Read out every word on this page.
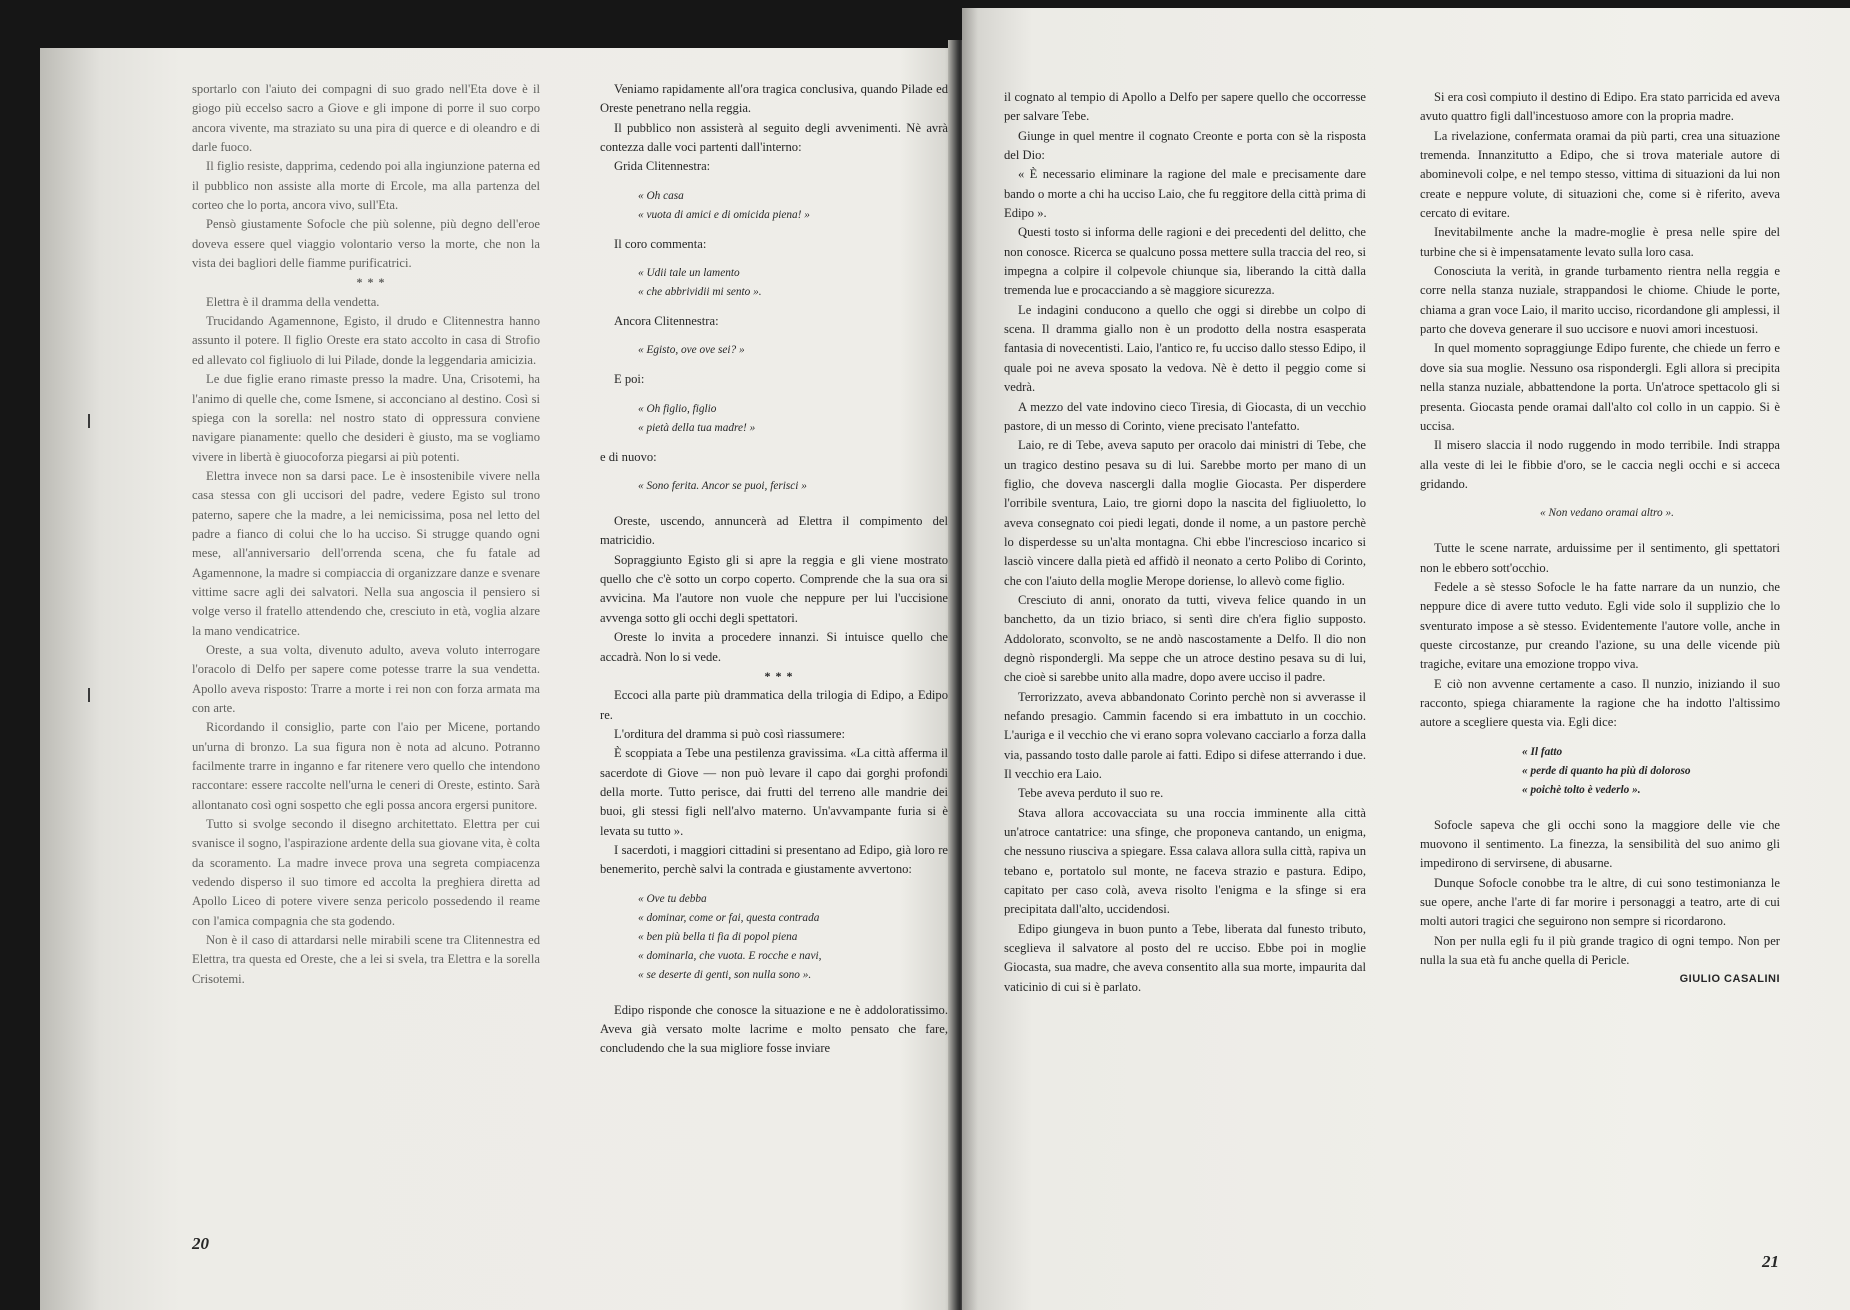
sportarlo con l'aiuto dei compagni di suo grado nell'Eta dove è il giogo più eccelso sacro a Giove e gli impone di porre il suo corpo ancora vivente, ma straziato su una pira di querce e di oleandro e di darle fuoco.

Il figlio resiste, dapprima, cedendo poi alla ingiunzione paterna ed il pubblico non assiste alla morte di Ercole, ma alla partenza del corteo che lo porta, ancora vivo, sull'Eta.

Pensò giustamente Sofocle che più solenne, più degno dell'eroe doveva essere quel viaggio volontario verso la morte, che non la vista dei bagliori delle fiamme purificatrici.

***

Elettra è il dramma della vendetta.

Trucidando Agamennone, Egisto, il drudo e Clitennestra hanno assunto il potere. Il figlio Oreste era stato accolto in casa di Strofio ed allevato col figliuolo di lui Pilade, donde la leggendaria amicizia.

Le due figlie erano rimaste presso la madre. Una, Crisotemi, ha l'animo di quelle che, come Ismene, si acconciano al destino. Così si spiega con la sorella: nel nostro stato di oppressura conviene navigare pianamente: quello che desideri è giusto, ma se vogliamo vivere in libertà è giuocoforza piegarsi ai più potenti.

Elettra invece non sa darsi pace. Le è insostenibile vivere nella casa stessa con gli uccisori del padre, vedere Egisto sul trono paterno, sapere che la madre, a lei nemicissima, posa nel letto del padre a fianco di colui che lo ha ucciso. Si strugge quando ogni mese, all'anniversario dell'orrenda scena, che fu fatale ad Agamennone, la madre si compiaccia di organizzare danze e svenare vittime sacre agli dei salvatori. Nella sua angoscia il pensiero si volge verso il fratello attendendo che, cresciuto in età, voglia alzare la mano vendicatrice.

Oreste, a sua volta, divenuto adulto, aveva voluto interrogare l'oracolo di Delfo per sapere come potesse trarre la sua vendetta. Apollo aveva risposto: Trarre a morte i rei non con forza armata ma con arte.

Ricordando il consiglio, parte con l'aio per Micene, portando un'urna di bronzo. La sua figura non è nota ad alcuno. Potranno facilmente trarre in inganno e far ritenere vero quello che intendono raccontare: essere raccolte nell'urna le ceneri di Oreste, estinto. Sarà allontanato così ogni sospetto che egli possa ancora ergersi punitore.

Tutto si svolge secondo il disegno architettato. Elettra per cui svanisce il sogno, l'aspirazione ardente della sua giovane vita, è colta da scoramento. La madre invece prova una segreta compiacenza vedendo disperso il suo timore ed accolta la preghiera diretta ad Apollo Liceo di potere vivere senza pericolo possedendo il reame con l'amica compagnia che sta godendo.

Non è il caso di attardarsi nelle mirabili scene tra Clitennestra ed Elettra, tra questa ed Oreste, che a lei si svela, tra Elettra e la sorella Crisotemi.

Veniamo rapidamente all'ora tragica conclusiva, quando Pilade ed Oreste penetrano nella reggia.

Il pubblico non assisterà al seguito degli avvenimenti. Nè avrà contezza dalle voci partenti dall'interno:

Grida Clitennestra:

« Oh casa

« vuota di amici e di omicida piena! »

Il coro commenta:

« Udii tale un lamento

« che abbrividii mi sento ».

Ancora Clitennestra:

« Egisto, ove ove sei? »

E poi:

« Oh figlio, figlio

« pietà della tua madre! »

e di nuovo:

« Sono ferita. Ancor se puoi, ferisci »

Oreste, uscendo, annuncerà ad Elettra il compimento del matricidio.

Sopraggiunto Egisto gli si apre la reggia e gli viene mostrato quello che c'è sotto un corpo coperto. Comprende che la sua ora si avvicina. Ma l'autore non vuole che neppure per lui l'uccisione avvenga sotto gli occhi degli spettatori.

Oreste lo invita a procedere innanzi. Si intuisce quello che accadrà. Non lo si vede.

***

Eccoci alla parte più drammatica della trilogia di Edipo, a Edipo re.

L'orditura del dramma si può così riassumere:

È scoppiata a Tebe una pestilenza gravissima. «La città afferma il sacerdote di Giove — non può levare il capo dai gorghi profondi della morte. Tutto perisce, dai frutti del terreno alle mandrie dei buoi, gli stessi figli nell'alvo materno. Un'avvampante furia si è levata su tutto ».

I sacerdoti, i maggiori cittadini si presentano ad Edipo, già loro re benemerito, perchè salvi la contrada e giustamente avvertono:

« Ove tu debba

« dominar, come or fai, questa contrada

« ben più bella ti fia di popol piena

« dominarla, che vuota. E rocche e navi,

« se deserte di genti, son nulla sono ».

Edipo risponde che conosce la situazione e ne è addoloratissimo. Aveva già versato molte lacrime e molto pensato che fare, concludendo che la sua migliore fosse inviare

20

il cognato al tempio di Apollo a Delfo per sapere quello che occorresse per salvare Tebe.

Giunge in quel mentre il cognato Creonte e porta con sè la risposta del Dio:

« È necessario eliminare la ragione del male e precisamente dare bando o morte a chi ha ucciso Laio, che fu reggitore della città prima di Edipo ».

Questi tosto si informa delle ragioni e dei precedenti del delitto, che non conosce. Ricerca se qualcuno possa mettere sulla traccia del reo, si impegna a colpire il colpevole chiunque sia, liberando la città dalla tremenda lue e procacciando a sè maggiore sicurezza.

Le indagini conducono a quello che oggi si direbbe un colpo di scena. Il dramma giallo non è un prodotto della nostra esasperata fantasia di novecentisti. Laio, l'antico re, fu ucciso dallo stesso Edipo, il quale poi ne aveva sposato la vedova. Nè è detto il peggio come si vedrà.

A mezzo del vate indovino cieco Tiresia, di Giocasta, di un vecchio pastore, di un messo di Corinto, viene precisato l'antefatto.

Laio, re di Tebe, aveva saputo per oracolo dai ministri di Tebe, che un tragico destino pesava su di lui. Sarebbe morto per mano di un figlio, che doveva nascergli dalla moglie Giocasta. Per disperdere l'orribile sventura, Laio, tre giorni dopo la nascita del figliuoletto, lo aveva consegnato coi piedi legati, donde il nome, a un pastore perchè lo disperdesse su un'alta montagna. Chi ebbe l'increscioso incarico si lasciò vincere dalla pietà ed affidò il neonato a certo Polibo di Corinto, che con l'aiuto della moglie Merope doriense, lo allevò come figlio.

Cresciuto di anni, onorato da tutti, viveva felice quando in un banchetto, da un tizio briaco, si sentì dire ch'era figlio supposto. Addolorato, sconvolto, se ne andò nascostamente a Delfo. Il dio non degnò rispondergli. Ma seppe che un atroce destino pesava su di lui, che cioè si sarebbe unito alla madre, dopo avere ucciso il padre.

Terrorizzato, aveva abbandonato Corinto perchè non si avverasse il nefando presagio. Cammin facendo si era imbattuto in un cocchio. L'auriga e il vecchio che vi erano sopra volevano cacciarlo a forza dalla via, passando tosto dalle parole ai fatti. Edipo si difese atterrando i due. Il vecchio era Laio.

Tebe aveva perduto il suo re.

Stava allora accovacciata su una roccia imminente alla città un'atroce cantatrice: una sfinge, che proponeva cantando, un enigma, che nessuno riusciva a spiegare. Essa calava allora sulla città, rapiva un tebano e, portatolo sul monte, ne faceva strazio e pastura. Edipo, capitato per caso colà, aveva risolto l'enigma e la sfinge si era precipitata dall'alto, uccidendosi.

Edipo giungeva in buon punto a Tebe, liberata dal funesto tributo, sceglieva il salvatore al posto del re ucciso. Ebbe poi in moglie Giocasta, sua madre, che aveva consentito alla sua morte, impaurita dal vaticinio di cui si è parlato.

Si era così compiuto il destino di Edipo. Era stato parricida ed aveva avuto quattro figli dall'incestuoso amore con la propria madre.

La rivelazione, confermata oramai da più parti, crea una situazione tremenda. Innanzitutto a Edipo, che si trova materiale autore di abominevoli colpe, e nel tempo stesso, vittima di situazioni da lui non create e neppure volute, di situazioni che, come si è riferito, aveva cercato di evitare.

Inevitabilmente anche la madre-moglie è presa nelle spire del turbine che si è impensatamente levato sulla loro casa.

Conosciuta la verità, in grande turbamento rientra nella reggia e corre nella stanza nuziale, strappandosi le chiome. Chiude le porte, chiama a gran voce Laio, il marito ucciso, ricordandone gli amplessi, il parto che doveva generare il suo uccisore e nuovi amori incestuosi.

In quel momento sopraggiunge Edipo furente, che chiede un ferro e dove sia sua moglie. Nessuno osa rispondergli. Egli allora si precipita nella stanza nuziale, abbattendone la porta. Un'atroce spettacolo gli si presenta. Giocasta pende oramai dall'alto col collo in un cappio. Si è uccisa.

Il misero slaccia il nodo ruggendo in modo terribile. Indi strappa alla veste di lei le fibbie d'oro, se le caccia negli occhi e si acceca gridando.

« Non vedano oramai altro ».

Tutte le scene narrate, arduissime per il sentimento, gli spettatori non le ebbero sott'occhio.

Fedele a sè stesso Sofocle le ha fatte narrare da un nunzio, che neppure dice di avere tutto veduto. Egli vide solo il supplizio che lo sventurato impose a sè stesso. Evidentemente l'autore volle, anche in queste circostanze, pur creando l'azione, su una delle vicende più tragiche, evitare una emozione troppo viva.

E ciò non avvenne certamente a caso. Il nunzio, iniziando il suo racconto, spiega chiaramente la ragione che ha indotto l'altissimo autore a scegliere questa via. Egli dice:

« Il fatto

« perde di quanto ha più di doloroso

« poichè tolto è vederlo ».

Sofocle sapeva che gli occhi sono la maggiore delle vie che muovono il sentimento. La finezza, la sensibilità del suo animo gli impedirono di servirsene, di abusarne.

Dunque Sofocle conobbe tra le altre, di cui sono testimonianza le sue opere, anche l'arte di far morire i personaggi a teatro, arte di cui molti autori tragici che seguirono non sempre si ricordarono.

Non per nulla egli fu il più grande tragico di ogni tempo. Non per nulla la sua età fu anche quella di Pericle.

GIULIO CASALINI

21
